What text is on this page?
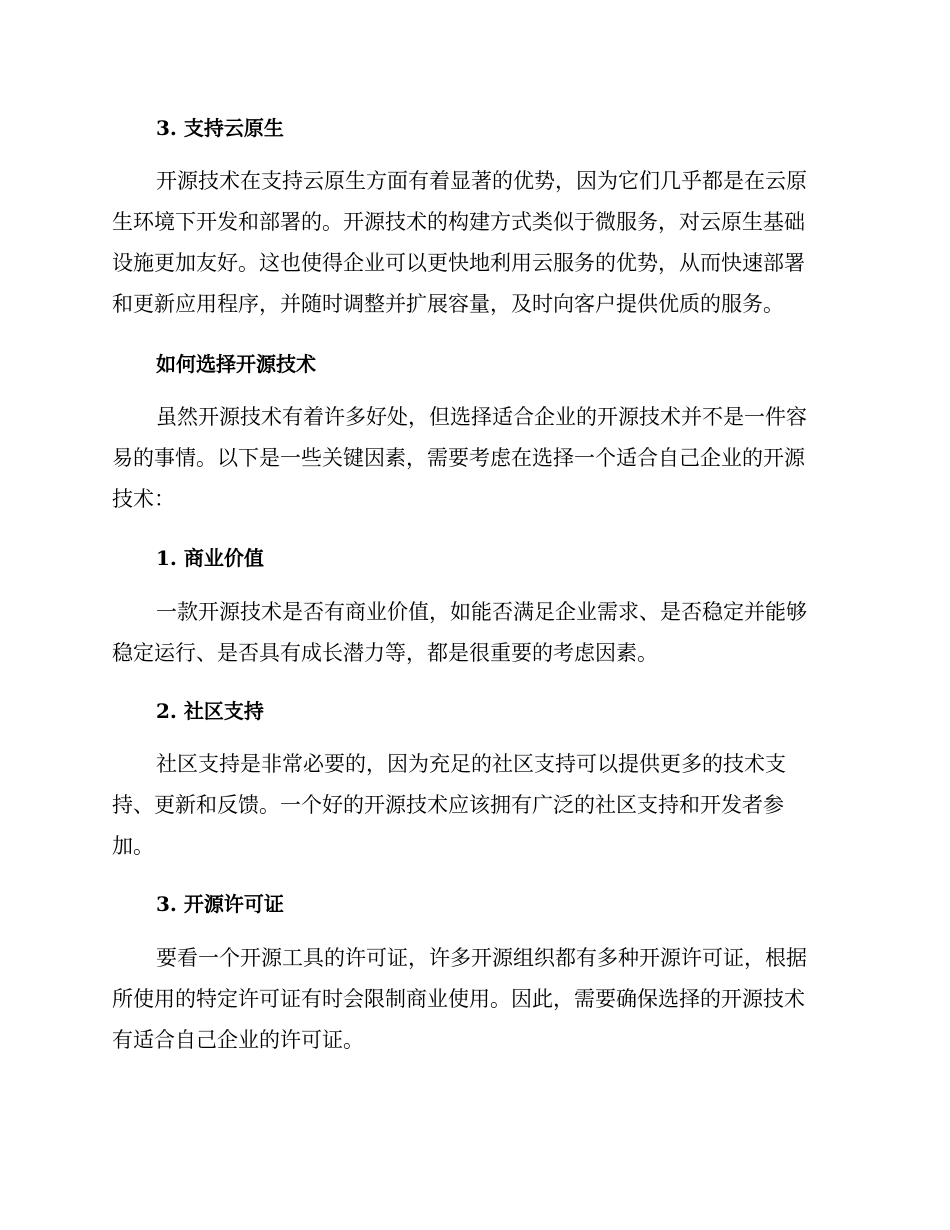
3. 支持云原生
开源技术在支持云原生方面有着显著的优势，因为它们几乎都是在云原
生环境下开发和部署的。开源技术的构建方式类似于微服务，对云原生基础
设施更加友好。这也使得企业可以更快地利用云服务的优势，从而快速部署
和更新应用程序，并随时调整并扩展容量，及时向客户提供优质的服务。
如何选择开源技术
虽然开源技术有着许多好处，但选择适合企业的开源技术并不是一件容
易的事情。以下是一些关键因素，需要考虑在选择一个适合自己企业的开源
技术：
1. 商业价值
一款开源技术是否有商业价值，如能否满足企业需求、是否稳定并能够
稳定运行、是否具有成长潜力等，都是很重要的考虑因素。
2. 社区支持
社区支持是非常必要的，因为充足的社区支持可以提供更多的技术支
持、更新和反馈。一个好的开源技术应该拥有广泛的社区支持和开发者参
加。
3. 开源许可证
要看一个开源工具的许可证，许多开源组织都有多种开源许可证，根据
所使用的特定许可证有时会限制商业使用。因此，需要确保选择的开源技术
有适合自己企业的许可证。
